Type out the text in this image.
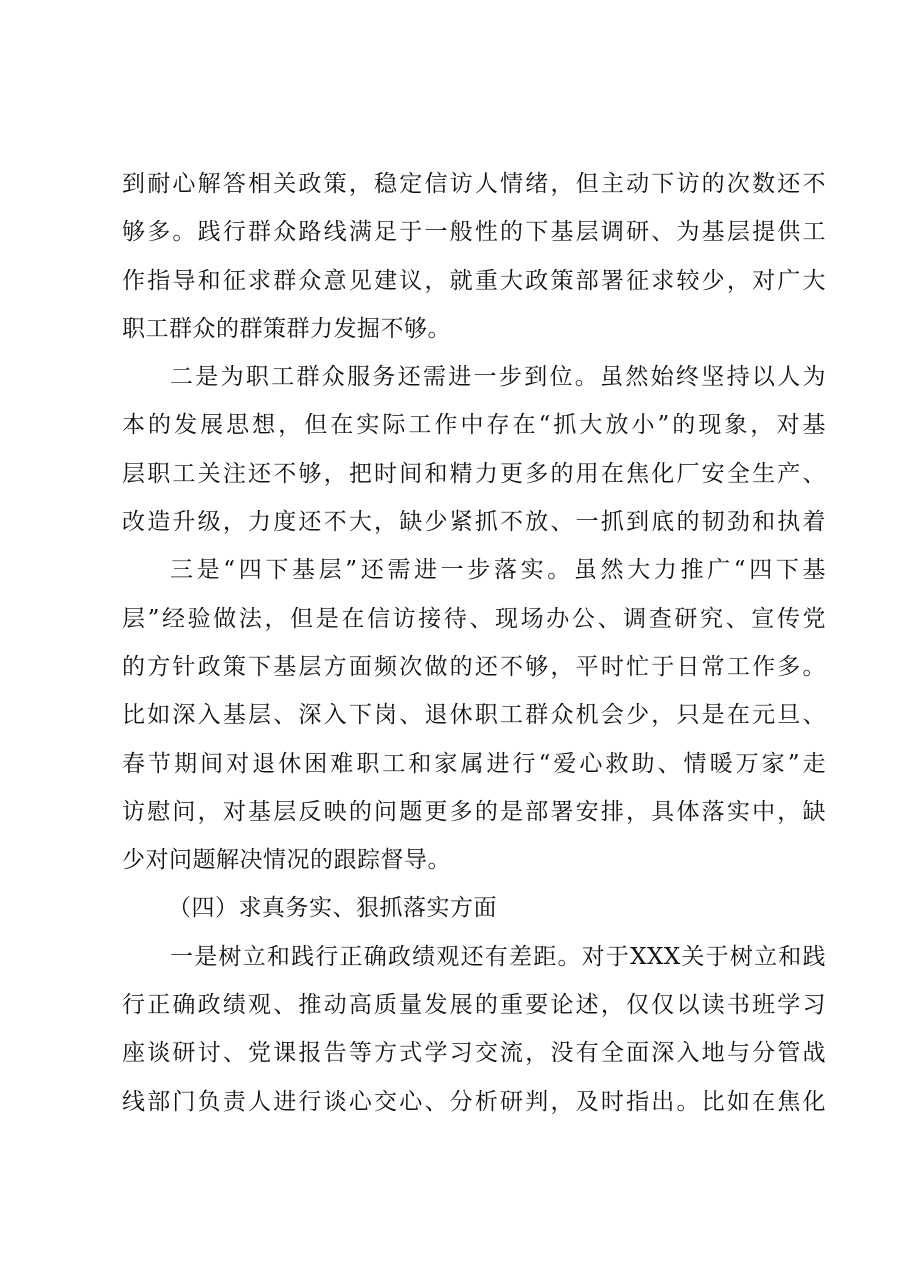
到耐心解答相关政策，稳定信访人情绪，但主动下访的次数还不
够多。践行群众路线满足于一般性的下基层调研、为基层提供工
作指导和征求群众意见建议，就重大政策部署征求较少，对广大
职工群众的群策群力发掘不够。
二是为职工群众服务还需进一步到位。虽然始终坚持以人为
本的发展思想，但在实际工作中存在“抓大放小”的现象，对基
层职工关注还不够，把时间和精力更多的用在焦化厂安全生产、
改造升级，力度还不大，缺少紧抓不放、一抓到底的韧劲和执着
三是“四下基层”还需进一步落实。虽然大力推广“四下基
层”经验做法，但是在信访接待、现场办公、调查研究、宣传党
的方针政策下基层方面频次做的还不够，平时忙于日常工作多。
比如深入基层、深入下岗、退休职工群众机会少，只是在元旦、
春节期间对退休困难职工和家属进行“爱心救助、情暖万家”走
访慰问，对基层反映的问题更多的是部署安排，具体落实中，缺
少对问题解决情况的跟踪督导。
（四）求真务实、狠抓落实方面
一是树立和践行正确政绩观还有差距。对于XXX关于树立和践
行正确政绩观、推动高质量发展的重要论述，仅仅以读书班学习
座谈研讨、党课报告等方式学习交流，没有全面深入地与分管战
线部门负责人进行谈心交心、分析研判，及时指出。比如在焦化
